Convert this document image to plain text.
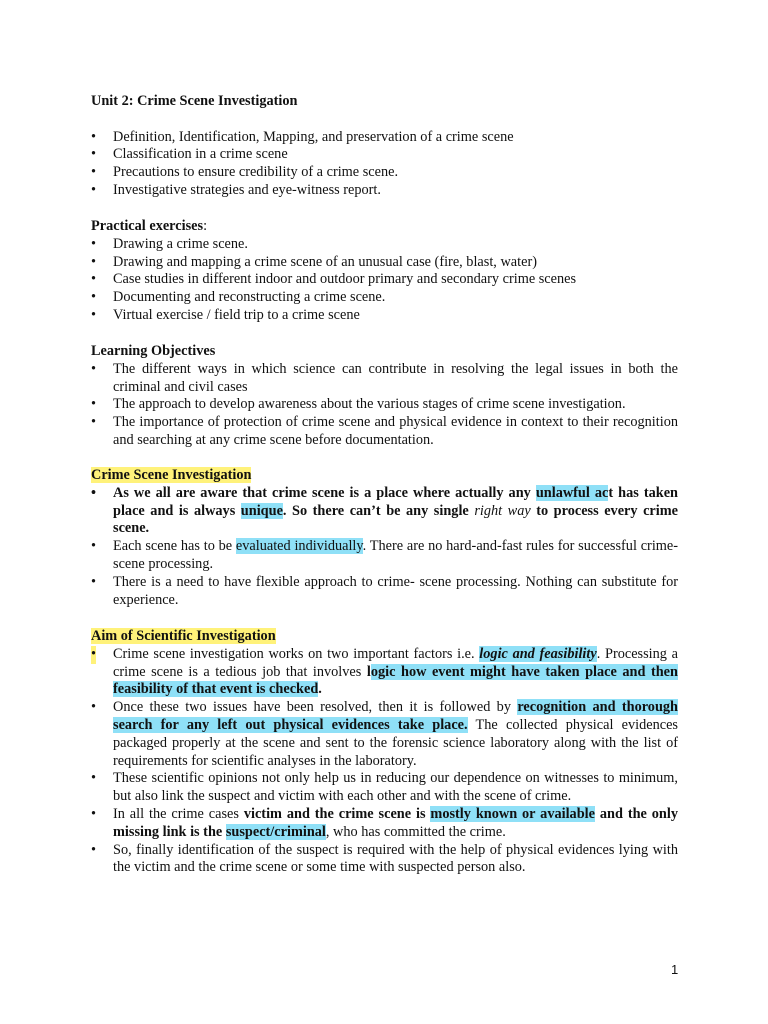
Unit 2: Crime Scene Investigation
• Definition, Identification, Mapping, and preservation of a crime scene
• Classification in a crime scene
• Precautions to ensure credibility of a crime scene.
• Investigative strategies and eye-witness report.
Practical exercises:
• Drawing a crime scene.
• Drawing and mapping a crime scene of an unusual case (fire, blast, water)
• Case studies in different indoor and outdoor primary and secondary crime scenes
• Documenting and reconstructing a crime scene.
• Virtual exercise / field trip to a crime scene
Learning Objectives
• The different ways in which science can contribute in resolving the legal issues in both the criminal and civil cases
• The approach to develop awareness about the various stages of crime scene investigation.
• The importance of protection of crime scene and physical evidence in context to their recognition and searching at any crime scene before documentation.
Crime Scene Investigation
• As we all are aware that crime scene is a place where actually any unlawful act has taken place and is always unique. So there can’t be any single right way to process every crime scene.
• Each scene has to be evaluated individually. There are no hard-and-fast rules for successful crime-scene processing.
• There is a need to have flexible approach to crime- scene processing. Nothing can substitute for experience.
Aim of Scientific Investigation
• Crime scene investigation works on two important factors i.e. logic and feasibility. Processing a crime scene is a tedious job that involves logic how event might have taken place and then feasibility of that event is checked.
• Once these two issues have been resolved, then it is followed by recognition and thorough search for any left out physical evidences take place. The collected physical evidences packaged properly at the scene and sent to the forensic science laboratory along with the list of requirements for scientific analyses in the laboratory.
• These scientific opinions not only help us in reducing our dependence on witnesses to minimum, but also link the suspect and victim with each other and with the scene of crime.
• In all the crime cases victim and the crime scene is mostly known or available and the only missing link is the suspect/criminal, who has committed the crime.
• So, finally identification of the suspect is required with the help of physical evidences lying with the victim and the crime scene or some time with suspected person also.
1
